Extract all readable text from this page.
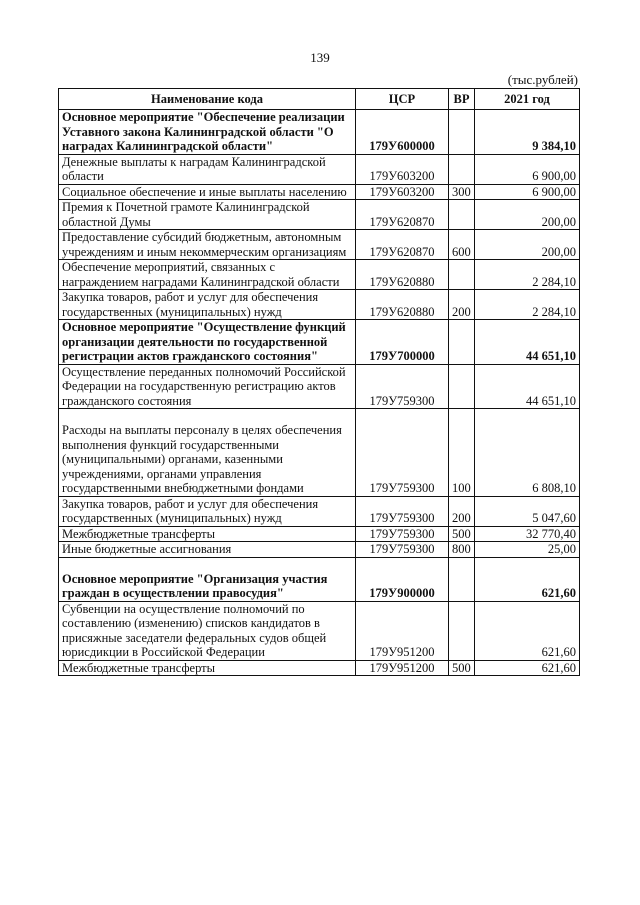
139
(тыс.рублей)
Наименование кода	ЦСР	ВР	2021 год
Основное мероприятие "Обеспечение реализации Уставного закона Калининградской области "О наградах Калининградской области"	179У600000		9 384,10
Денежные выплаты к наградам Калининградской области	179У603200		6 900,00
Социальное обеспечение и иные выплаты населению	179У603200	300	6 900,00
Премия к Почетной грамоте Калининградской областной Думы	179У620870		200,00
Предоставление субсидий бюджетным, автономным учреждениям и иным некоммерческим организациям	179У620870	600	200,00
Обеспечение мероприятий, связанных с награждением наградами Калининградской области	179У620880		2 284,10
Закупка товаров, работ и услуг для обеспечения государственных (муниципальных) нужд	179У620880	200	2 284,10
Основное мероприятие "Осуществление функций организации деятельности по государственной регистрации актов гражданского состояния"	179У700000		44 651,10
Осуществление переданных полномочий Российской Федерации на государственную регистрацию актов гражданского состояния	179У759300		44 651,10
Расходы на выплаты персоналу в целях обеспечения выполнения функций государственными (муниципальными) органами, казенными учреждениями, органами управления государственными внебюджетными фондами	179У759300	100	6 808,10
Закупка товаров, работ и услуг для обеспечения государственных (муниципальных) нужд	179У759300	200	5 047,60
Межбюджетные трансферты	179У759300	500	32 770,40
Иные бюджетные ассигнования	179У759300	800	25,00
Основное мероприятие "Организация участия граждан в осуществлении правосудия"	179У900000		621,60
Субвенции на осуществление полномочий по составлению (изменению) списков кандидатов в присяжные заседатели федеральных судов общей юрисдикции в Российской Федерации	179У951200		621,60
Межбюджетные трансферты	179У951200	500	621,60
